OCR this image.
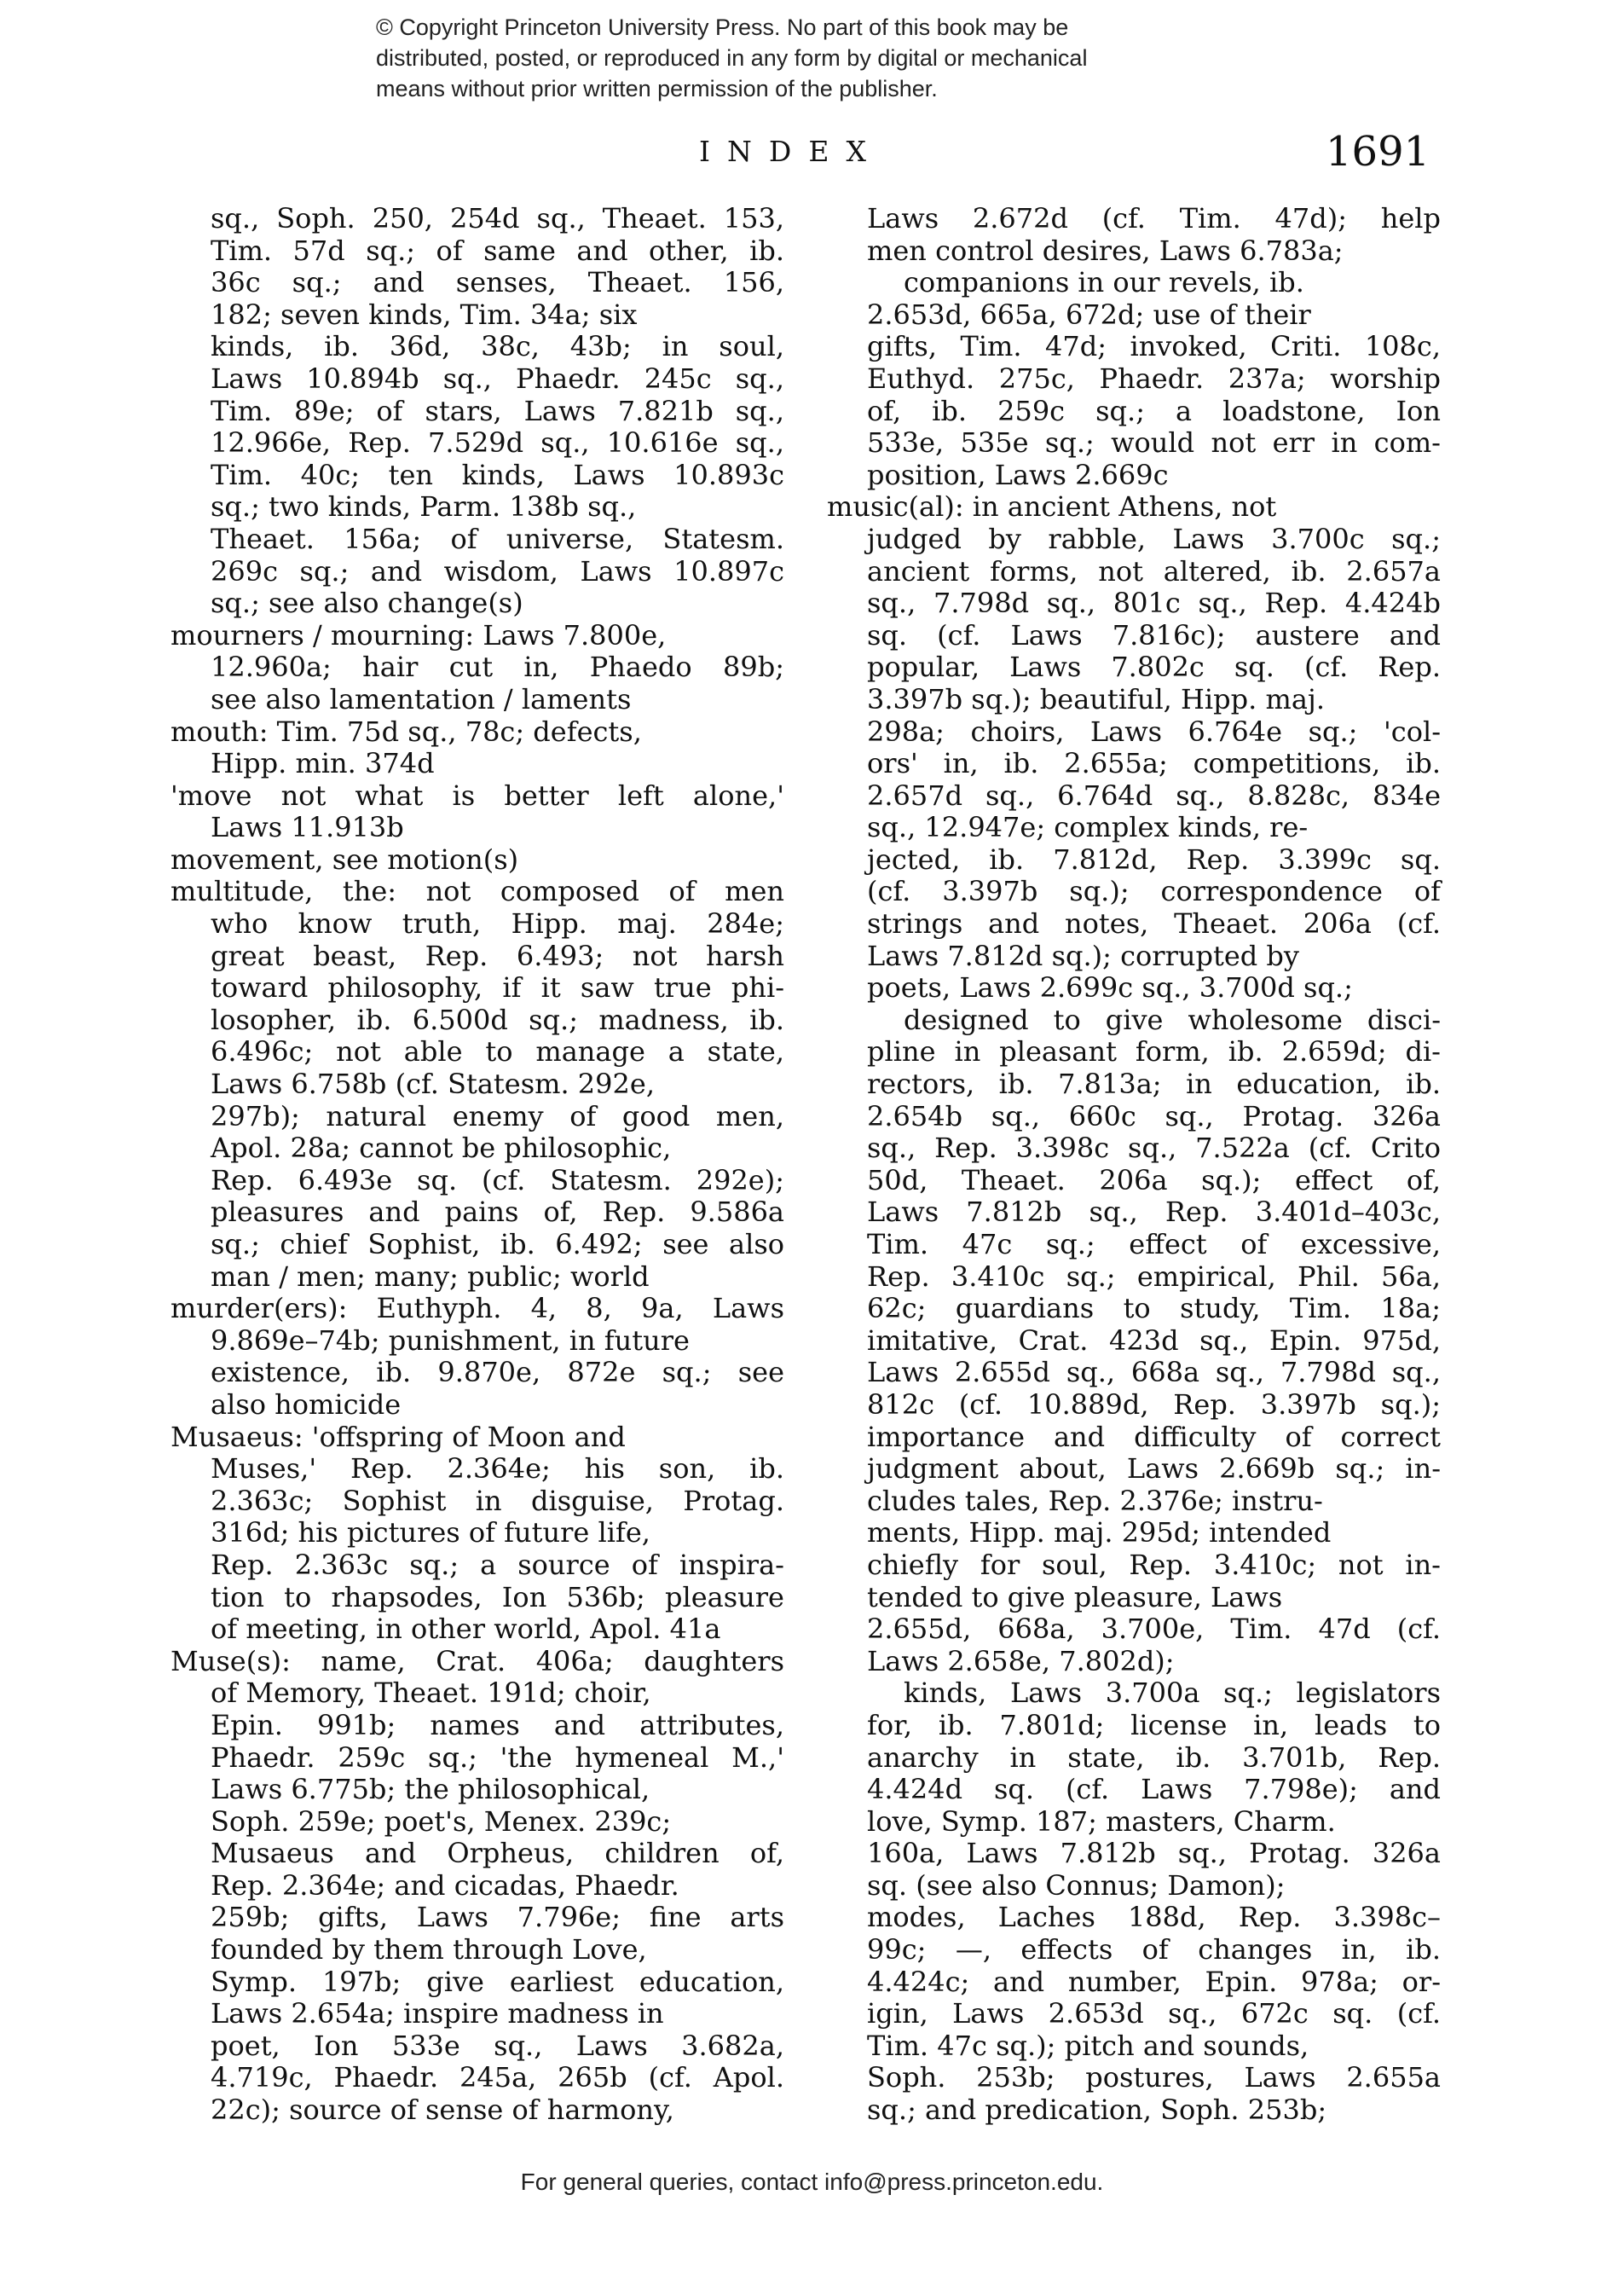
© Copyright Princeton University Press. No part of this book may be
distributed, posted, or reproduced in any form by digital or mechanical
means without prior written permission of the publisher.
INDEX	1691
sq., Soph. 250, 254d sq., Theaet. 153,
Tim. 57d sq.; of same and other, ib.
36c sq.; and senses, Theaet. 156,
182; seven kinds, Tim. 34a; six
kinds, ib. 36d, 38c, 43b; in soul,
Laws 10.894b sq., Phaedr. 245c sq.,
Tim. 89e; of stars, Laws 7.821b sq.,
12.966e, Rep. 7.529d sq., 10.616e sq.,
Tim. 40c; ten kinds, Laws 10.893c
sq.; two kinds, Parm. 138b sq.,
Theaet. 156a; of universe, Statesm.
269c sq.; and wisdom, Laws 10.897c
sq.; see also change(s)
mourners / mourning: Laws 7.800e,
12.960a; hair cut in, Phaedo 89b;
see also lamentation / laments
mouth: Tim. 75d sq., 78c; defects,
Hipp. min. 374d
'move not what is better left alone,'
Laws 11.913b
movement, see motion(s)
multitude, the: not composed of men
who know truth, Hipp. maj. 284e;
great beast, Rep. 6.493; not harsh
toward philosophy, if it saw true phi-
losopher, ib. 6.500d sq.; madness, ib.
6.496c; not able to manage a state,
Laws 6.758b (cf. Statesm. 292e,
297b); natural enemy of good men,
Apol. 28a; cannot be philosophic,
Rep. 6.493e sq. (cf. Statesm. 292e);
pleasures and pains of, Rep. 9.586a
sq.; chief Sophist, ib. 6.492; see also
man / men; many; public; world
murder(ers): Euthyph. 4, 8, 9a, Laws
9.869e–74b; punishment, in future
existence, ib. 9.870e, 872e sq.; see
also homicide
Musaeus: 'offspring of Moon and
Muses,' Rep. 2.364e; his son, ib.
2.363c; Sophist in disguise, Protag.
316d; his pictures of future life,
Rep. 2.363c sq.; a source of inspira-
tion to rhapsodes, Ion 536b; pleasure
of meeting, in other world, Apol. 41a
Muse(s): name, Crat. 406a; daughters
of Memory, Theaet. 191d; choir,
Epin. 991b; names and attributes,
Phaedr. 259c sq.; 'the hymeneal M.,'
Laws 6.775b; the philosophical,
Soph. 259e; poet's, Menex. 239c;
Musaeus and Orpheus, children of,
Rep. 2.364e; and cicadas, Phaedr.
259b; gifts, Laws 7.796e; fine arts
founded by them through Love,
Symp. 197b; give earliest education,
Laws 2.654a; inspire madness in
poet, Ion 533e sq., Laws 3.682a,
4.719c, Phaedr. 245a, 265b (cf. Apol.
22c); source of sense of harmony,
Laws 2.672d (cf. Tim. 47d); help
men control desires, Laws 6.783a;
companions in our revels, ib.
2.653d, 665a, 672d; use of their
gifts, Tim. 47d; invoked, Criti. 108c,
Euthyd. 275c, Phaedr. 237a; worship
of, ib. 259c sq.; a loadstone, Ion
533e, 535e sq.; would not err in com-
position, Laws 2.669c
music(al): in ancient Athens, not
judged by rabble, Laws 3.700c sq.;
ancient forms, not altered, ib. 2.657a
sq., 7.798d sq., 801c sq., Rep. 4.424b
sq. (cf. Laws 7.816c); austere and
popular, Laws 7.802c sq. (cf. Rep.
3.397b sq.); beautiful, Hipp. maj.
298a; choirs, Laws 6.764e sq.; 'col-
ors' in, ib. 2.655a; competitions, ib.
2.657d sq., 6.764d sq., 8.828c, 834e
sq., 12.947e; complex kinds, re-
jected, ib. 7.812d, Rep. 3.399c sq.
(cf. 3.397b sq.); correspondence of
strings and notes, Theaet. 206a (cf.
Laws 7.812d sq.); corrupted by
poets, Laws 2.699c sq., 3.700d sq.;
designed to give wholesome disci-
pline in pleasant form, ib. 2.659d; di-
rectors, ib. 7.813a; in education, ib.
2.654b sq., 660c sq., Protag. 326a
sq., Rep. 3.398c sq., 7.522a (cf. Crito
50d, Theaet. 206a sq.); effect of,
Laws 7.812b sq., Rep. 3.401d–403c,
Tim. 47c sq.; effect of excessive,
Rep. 3.410c sq.; empirical, Phil. 56a,
62c; guardians to study, Tim. 18a;
imitative, Crat. 423d sq., Epin. 975d,
Laws 2.655d sq., 668a sq., 7.798d sq.,
812c (cf. 10.889d, Rep. 3.397b sq.);
importance and difficulty of correct
judgment about, Laws 2.669b sq.; in-
cludes tales, Rep. 2.376e; instru-
ments, Hipp. maj. 295d; intended
chiefly for soul, Rep. 3.410c; not in-
tended to give pleasure, Laws
2.655d, 668a, 3.700e, Tim. 47d (cf.
Laws 2.658e, 7.802d);
kinds, Laws 3.700a sq.; legislators
for, ib. 7.801d; license in, leads to
anarchy in state, ib. 3.701b, Rep.
4.424d sq. (cf. Laws 7.798e); and
love, Symp. 187; masters, Charm.
160a, Laws 7.812b sq., Protag. 326a
sq. (see also Connus; Damon);
modes, Laches 188d, Rep. 3.398c–
99c; —, effects of changes in, ib.
4.424c; and number, Epin. 978a; or-
igin, Laws 2.653d sq., 672c sq. (cf.
Tim. 47c sq.); pitch and sounds,
Soph. 253b; postures, Laws 2.655a
sq.; and predication, Soph. 253b;
For general queries, contact info@press.princeton.edu.
